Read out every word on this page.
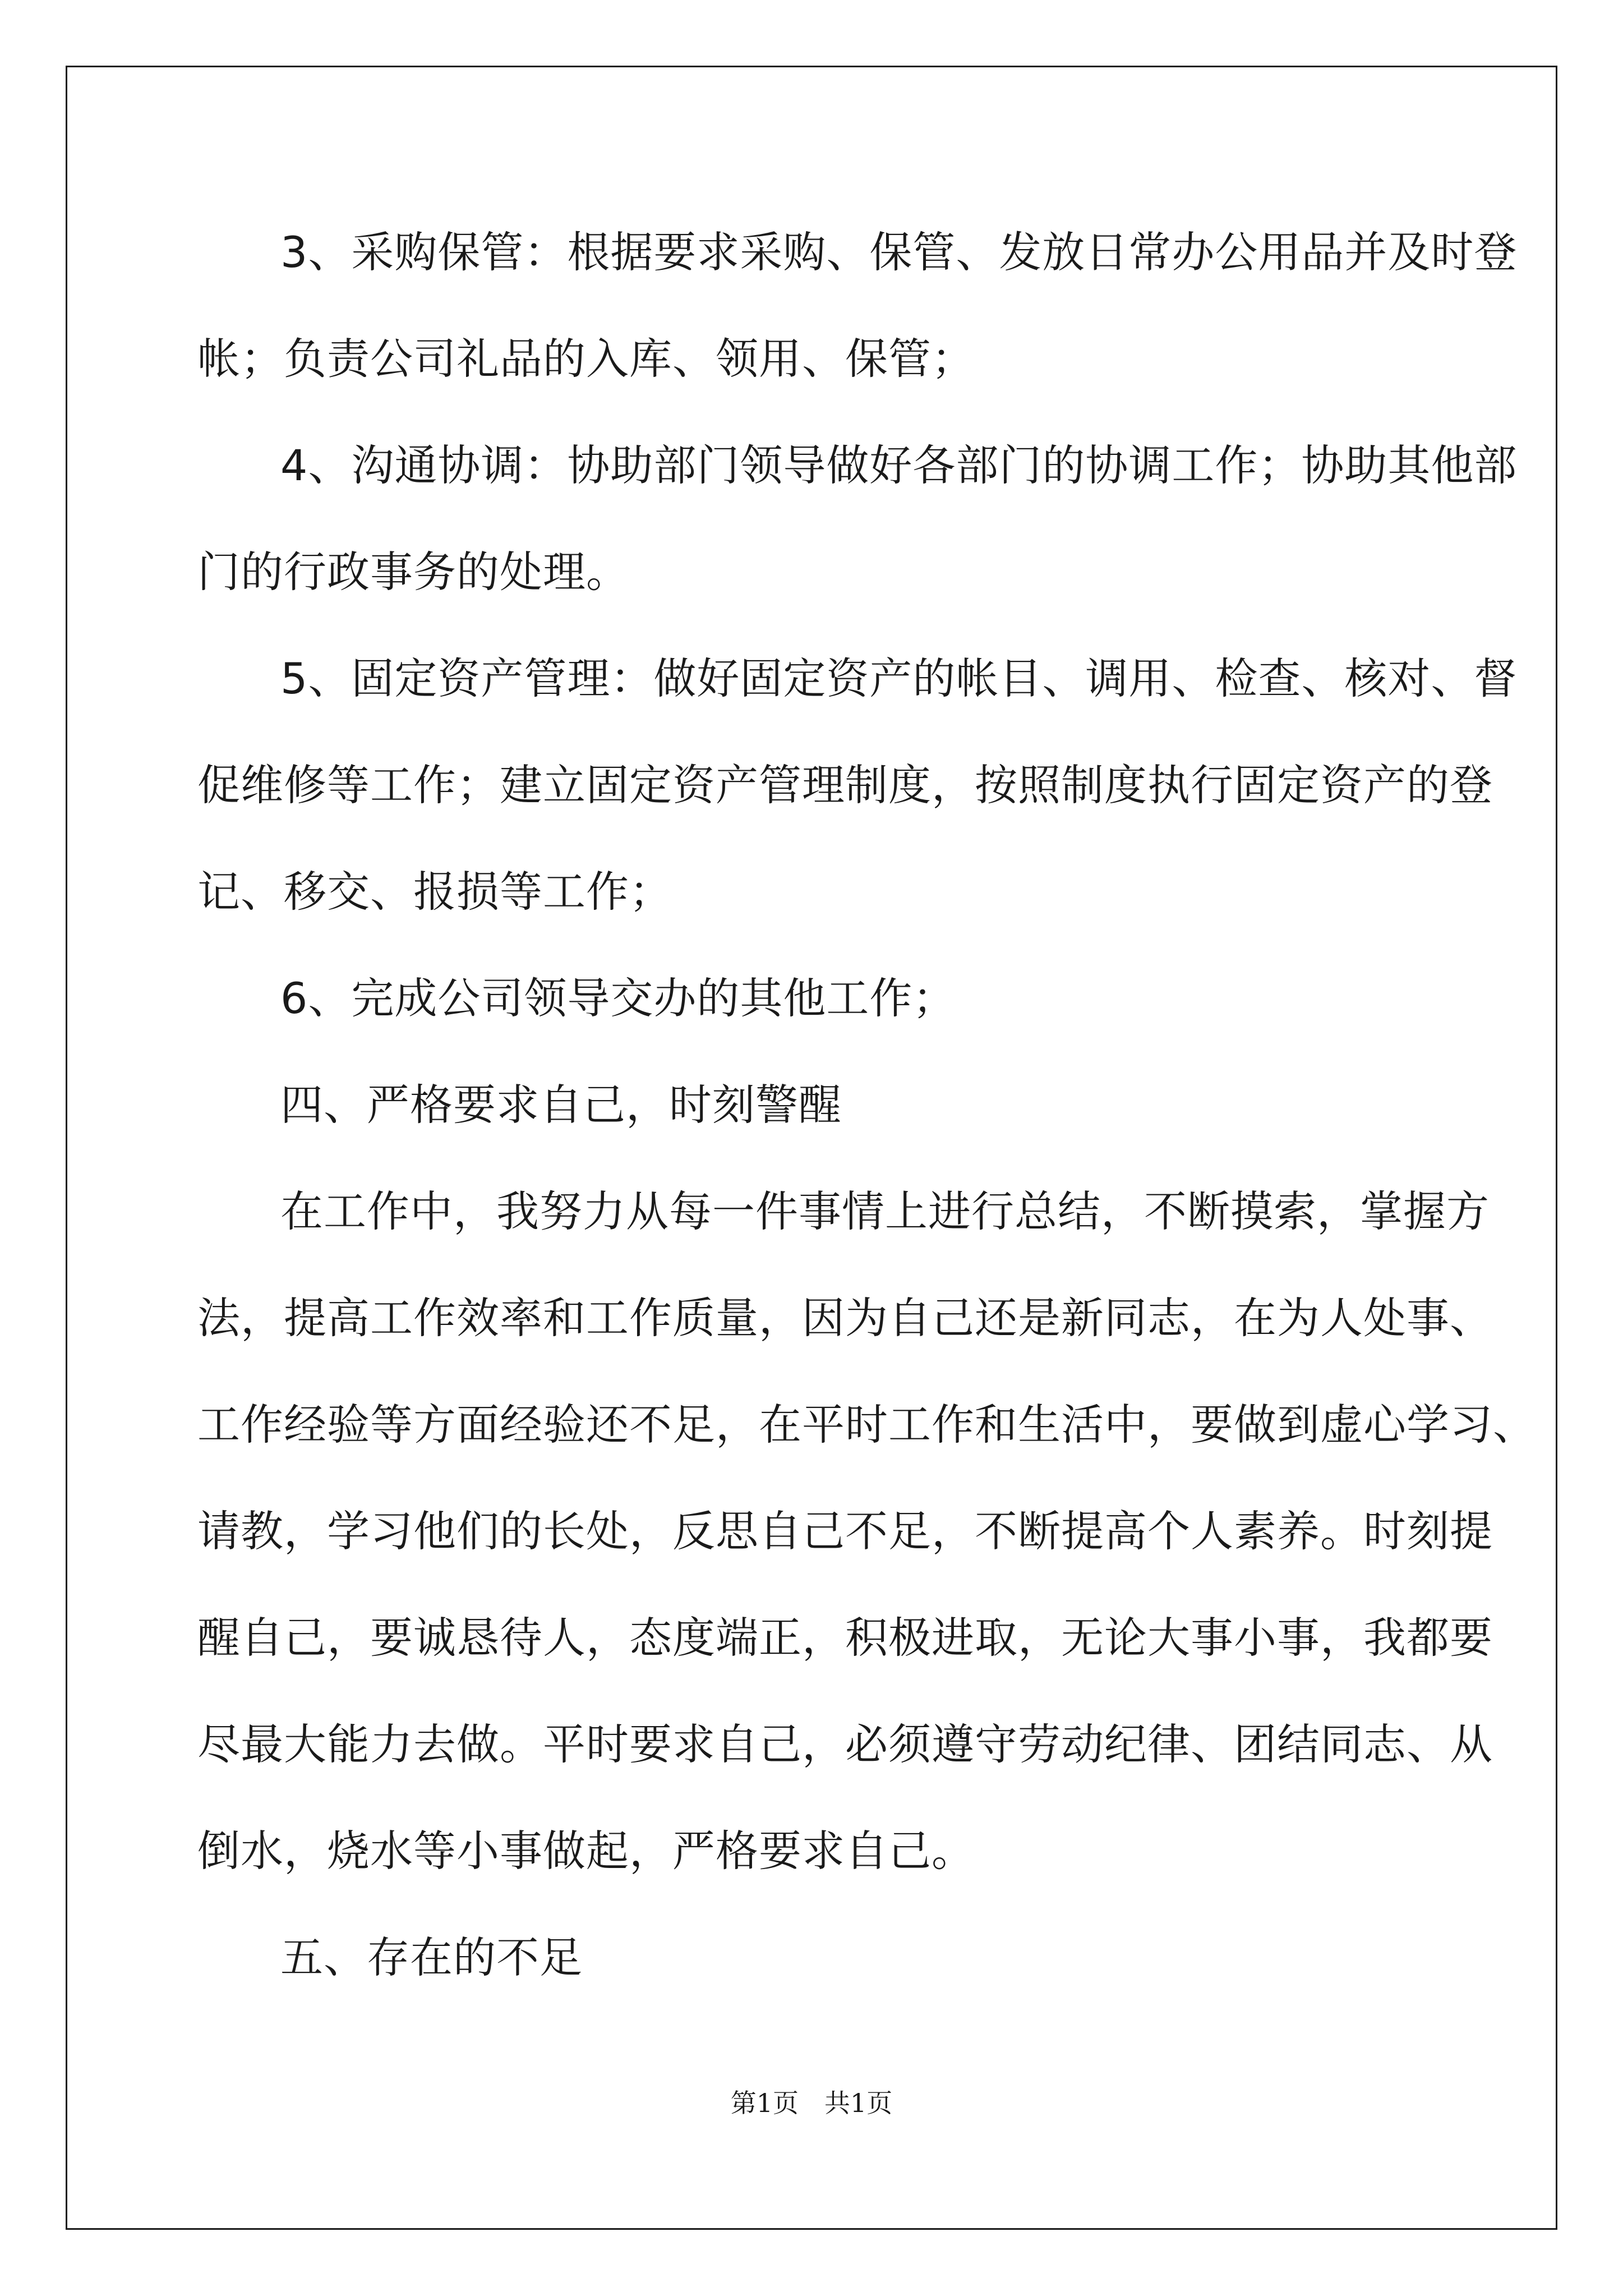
3、采购保管：根据要求采购、保管、发放日常办公用品并及时登
帐；负责公司礼品的入库、领用、保管；
4、沟通协调：协助部门领导做好各部门的协调工作；协助其他部
门的行政事务的处理。
5、固定资产管理：做好固定资产的帐目、调用、检查、核对、督
促维修等工作；建立固定资产管理制度，按照制度执行固定资产的登
记、移交、报损等工作；
6、完成公司领导交办的其他工作；
四、严格要求自己，时刻警醒
在工作中，我努力从每一件事情上进行总结，不断摸索，掌握方
法，提高工作效率和工作质量，因为自己还是新同志，在为人处事、
工作经验等方面经验还不足，在平时工作和生活中，要做到虚心学习、
请教，学习他们的长处，反思自己不足，不断提高个人素养。时刻提
醒自己，要诚恳待人，态度端正，积极进取，无论大事小事，我都要
尽最大能力去做。平时要求自己，必须遵守劳动纪律、团结同志、从
倒水，烧水等小事做起，严格要求自己。
五、存在的不足
第1页　共1页
